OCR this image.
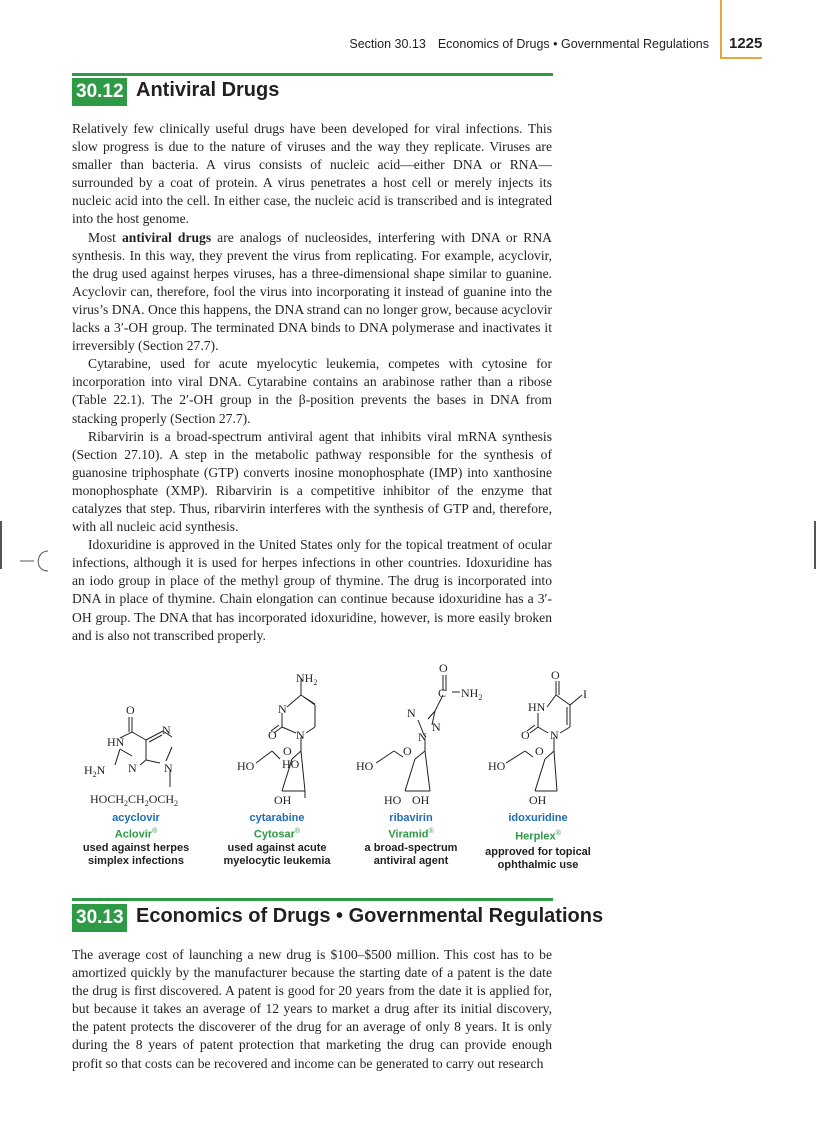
Section 30.13 Economics of Drugs • Governmental Regulations 1225
30.12 Antiviral Drugs

Relatively few clinically useful drugs have been developed for viral infections. This slow progress is due to the nature of viruses and the way they replicate. Viruses are smaller than bacteria. A virus consists of nucleic acid—either DNA or RNA—surrounded by a coat of protein. A virus penetrates a host cell or merely injects its nucleic acid into the cell. In either case, the nucleic acid is transcribed and is integrated into the host genome.

Most antiviral drugs are analogs of nucleosides, interfering with DNA or RNA synthesis. In this way, they prevent the virus from replicating. For example, acyclovir, the drug used against herpes viruses, has a three-dimensional shape similar to guanine. Acyclovir can, therefore, fool the virus into incorporating it instead of guanine into the virus’s DNA. Once this happens, the DNA strand can no longer grow, because acyclovir lacks a 3′-OH group. The terminated DNA binds to DNA polymerase and inactivates it irreversibly (Section 27.7).

Cytarabine, used for acute myelocytic leukemia, competes with cytosine for incorporation into viral DNA. Cytarabine contains an arabinose rather than a ribose (Table 22.1). The 2′-OH group in the β-position prevents the bases in DNA from stacking properly (Section 27.7).

Ribarvirin is a broad-spectrum antiviral agent that inhibits viral mRNA synthesis (Section 27.10). A step in the metabolic pathway responsible for the synthesis of guanosine triphosphate (GTP) converts inosine monophosphate (IMP) into xanthosine monophosphate (XMP). Ribarvirin is a competitive inhibitor of the enzyme that catalyzes that step. Thus, ribarvirin interferes with the synthesis of GTP and, therefore, with all nucleic acid synthesis.

Idoxuridine is approved in the United States only for the topical treatment of ocular infections, although it is used for herpes infections in other countries. Idoxuridine has an iodo group in place of the methyl group of thymine. The drug is incorporated into DNA in place of thymine. Chain elongation can continue because idoxuridine has a 3′-OH group. The DNA that has incorporated idoxuridine, however, is more easily broken and is also not transcribed properly.

O
HN
N
N N
$H_2N$
$HOCH_2CH_2OCH_2$
$NH_2$
N
O N
O
HO HO
OH
O
C $NH_2$
N
N
N
O
HO
HO OH
O
I
HN
O N
O
HO
OH
acyclovir
Aclovir®
used against herpes simplex infections
cytarabine
Cytosar®
used against acute myelocytic leukemia
ribavirin
Viramid®
a broad-spectrum antiviral agent
idoxuridine
Herplex®
approved for topical ophthalmic use
30.13 Economics of Drugs • Governmental Regulations

The average cost of launching a new drug is $100–$500 million. This cost has to be amortized quickly by the manufacturer because the starting date of a patent is the date the drug is first discovered. A patent is good for 20 years from the date it is applied for, but because it takes an average of 12 years to market a drug after its initial discovery, the patent protects the discoverer of the drug for an average of only 8 years. It is only during the 8 years of patent protection that marketing the drug can provide enough profit so that costs can be recovered and income can be generated to carry out research
